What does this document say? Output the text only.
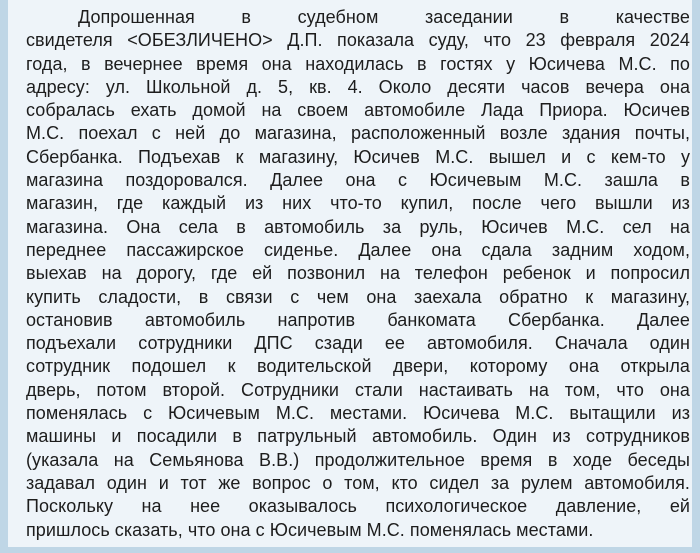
Допрошенная в судебном заседании в качестве
свидетеля <ОБЕЗЛИЧЕНО> Д.П. показала суду, что 23 февраля 2024
года, в вечернее время она находилась в гостях у Юсичева М.С. по
адресу: ул. Школьной д. 5, кв. 4. Около десяти часов вечера она
собралась ехать домой на своем автомобиле Лада Приора. Юсичев
М.С. поехал с ней до магазина, расположенный возле здания почты,
Сбербанка. Подъехав к магазину, Юсичев М.С. вышел и с кем-то у
магазина поздоровался. Далее она с Юсичевым М.С. зашла в
магазин, где каждый из них что-то купил, после чего вышли из
магазина. Она села в автомобиль за руль, Юсичев М.С. сел на
переднее пассажирское сиденье. Далее она сдала задним ходом,
выехав на дорогу, где ей позвонил на телефон ребенок и попросил
купить сладости, в связи с чем она заехала обратно к магазину,
остановив автомобиль напротив банкомата Сбербанка. Далее
подъехали сотрудники ДПС сзади ее автомобиля. Сначала один
сотрудник подошел к водительской двери, которому она открыла
дверь, потом второй. Сотрудники стали настаивать на том, что она
поменялась с Юсичевым М.С. местами. Юсичева М.С. вытащили из
машины и посадили в патрульный автомобиль. Один из сотрудников
(указала на Семьянова В.В.) продолжительное время в ходе беседы
задавал один и тот же вопрос о том, кто сидел за рулем автомобиля.
Поскольку на нее оказывалось психологическое давление, ей
пришлось сказать, что она с Юсичевым М.С. поменялась местами.
